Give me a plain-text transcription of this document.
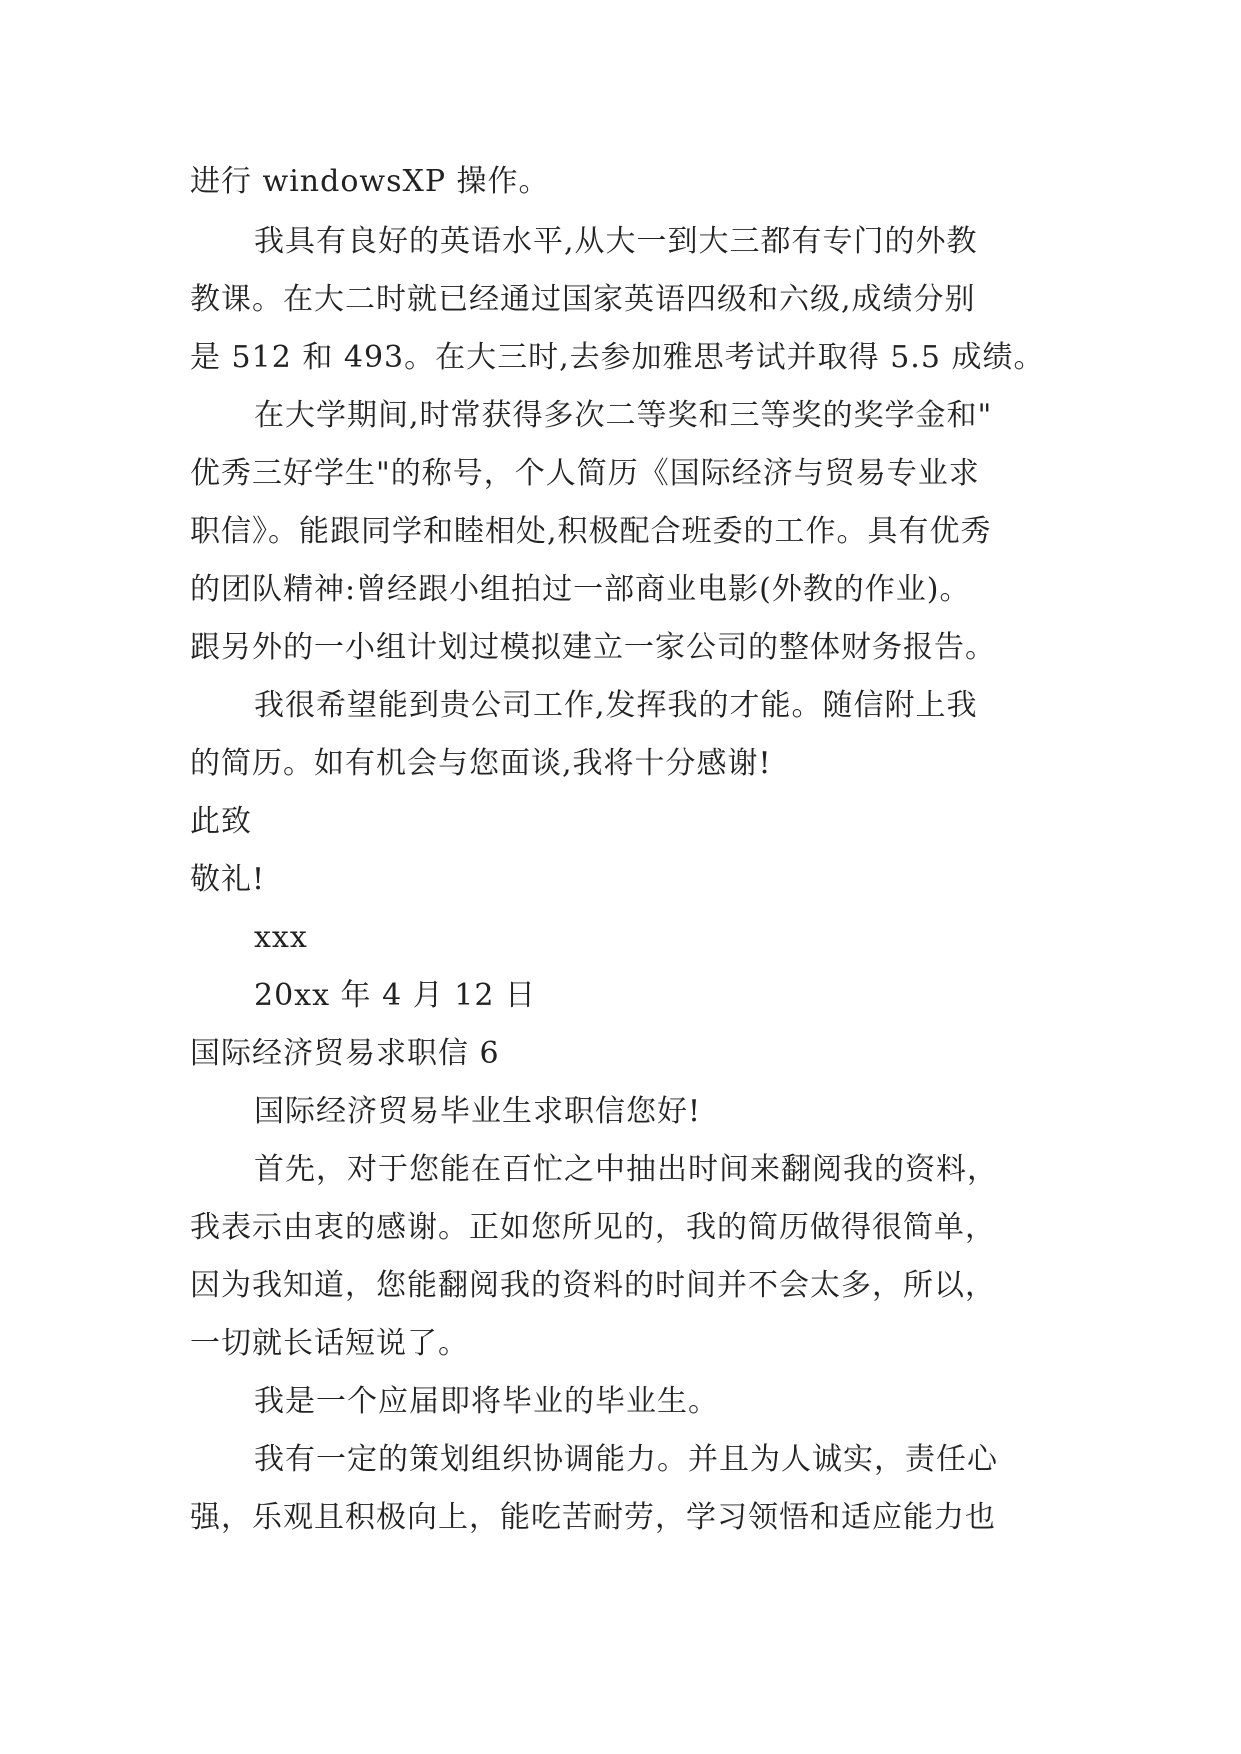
进行 windowsXP 操作。
我具有良好的英语水平,从大一到大三都有专门的外教
教课。在大二时就已经通过国家英语四级和六级,成绩分别
是 512 和 493。在大三时,去参加雅思考试并取得 5.5 成绩。
在大学期间,时常获得多次二等奖和三等奖的奖学金和"
优秀三好学生"的称号，个人简历《国际经济与贸易专业求
职信》。能跟同学和睦相处,积极配合班委的工作。具有优秀
的团队精神:曾经跟小组拍过一部商业电影(外教的作业)。
跟另外的一小组计划过模拟建立一家公司的整体财务报告。
我很希望能到贵公司工作,发挥我的才能。随信附上我
的简历。如有机会与您面谈,我将十分感谢!
此致
敬礼!
xxx
20xx 年 4 月 12 日
国际经济贸易求职信 6
国际经济贸易毕业生求职信您好!
首先，对于您能在百忙之中抽出时间来翻阅我的资料，
我表示由衷的感谢。正如您所见的，我的简历做得很简单，
因为我知道，您能翻阅我的资料的时间并不会太多，所以，
一切就长话短说了。
我是一个应届即将毕业的毕业生。
我有一定的策划组织协调能力。并且为人诚实，责任心
强，乐观且积极向上，能吃苦耐劳，学习领悟和适应能力也
